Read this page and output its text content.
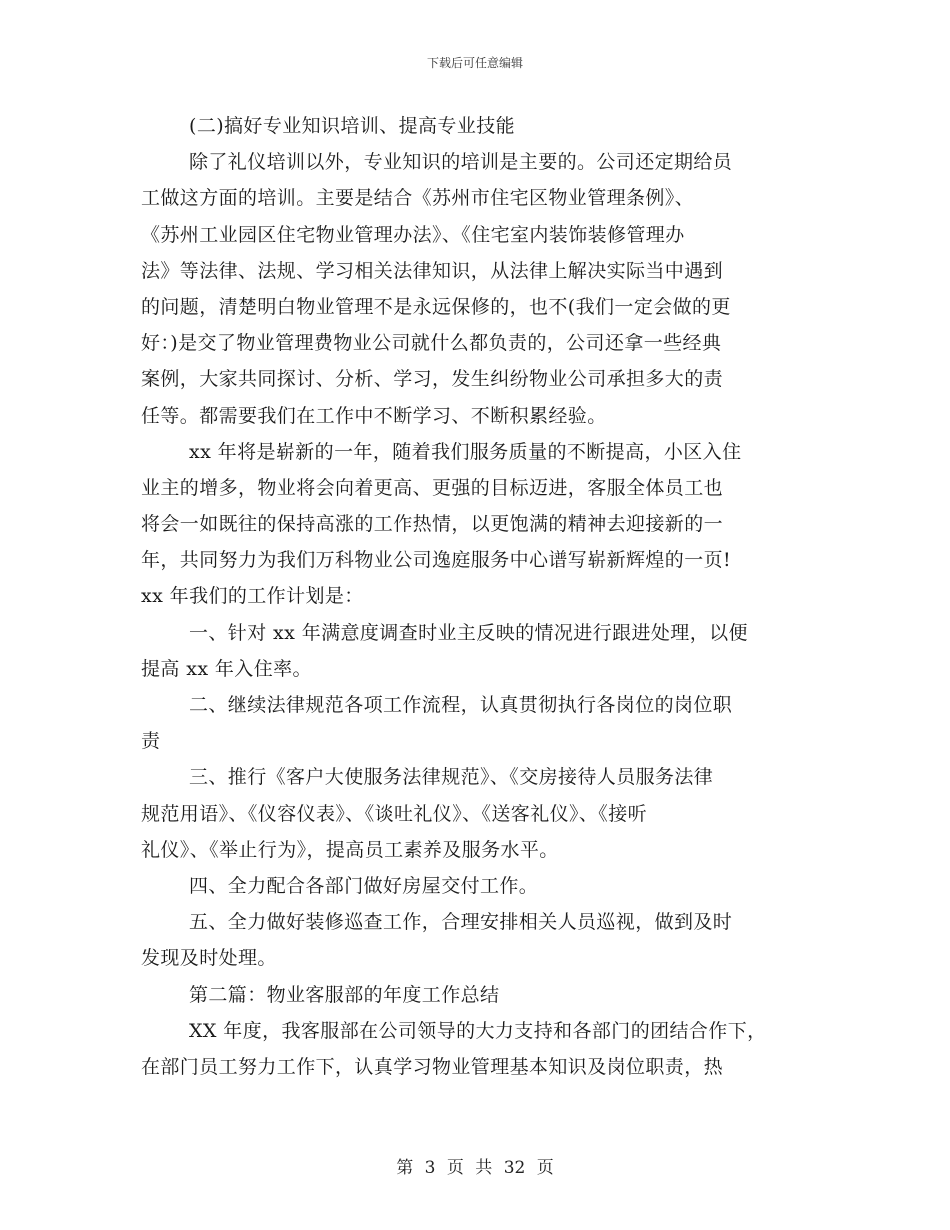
下载后可任意编辑
(二)搞好专业知识培训、提高专业技能
除了礼仪培训以外，专业知识的培训是主要的。公司还定期给员
工做这方面的培训。主要是结合《苏州市住宅区物业管理条例》、
《苏州工业园区住宅物业管理办法》、《住宅室内装饰装修管理办
法》等法律、法规、学习相关法律知识，从法律上解决实际当中遇到
的问题，清楚明白物业管理不是永远保修的，也不(我们一定会做的更
好：)是交了物业管理费物业公司就什么都负责的，公司还拿一些经典
案例，大家共同探讨、分析、学习，发生纠纷物业公司承担多大的责
任等。都需要我们在工作中不断学习、不断积累经验。
xx 年将是崭新的一年，随着我们服务质量的不断提高，小区入住
业主的增多，物业将会向着更高、更强的目标迈进，客服全体员工也
将会一如既往的保持高涨的工作热情，以更饱满的精神去迎接新的一
年，共同努力为我们万科物业公司逸庭服务中心谱写崭新辉煌的一页!
xx 年我们的工作计划是：
一、针对 xx 年满意度调查时业主反映的情况进行跟进处理，以便
提高 xx 年入住率。
二、继续法律规范各项工作流程，认真贯彻执行各岗位的岗位职
责
三、推行《客户大使服务法律规范》、《交房接待人员服务法律
规范用语》、《仪容仪表》、《谈吐礼仪》、《送客礼仪》、《接听
礼仪》、《举止行为》，提高员工素养及服务水平。
四、全力配合各部门做好房屋交付工作。
五、全力做好装修巡查工作，合理安排相关人员巡视，做到及时
发现及时处理。
第二篇：物业客服部的年度工作总结
XX 年度，我客服部在公司领导的大力支持和各部门的团结合作下，
在部门员工努力工作下，认真学习物业管理基本知识及岗位职责，热
第 3 页 共 32 页
